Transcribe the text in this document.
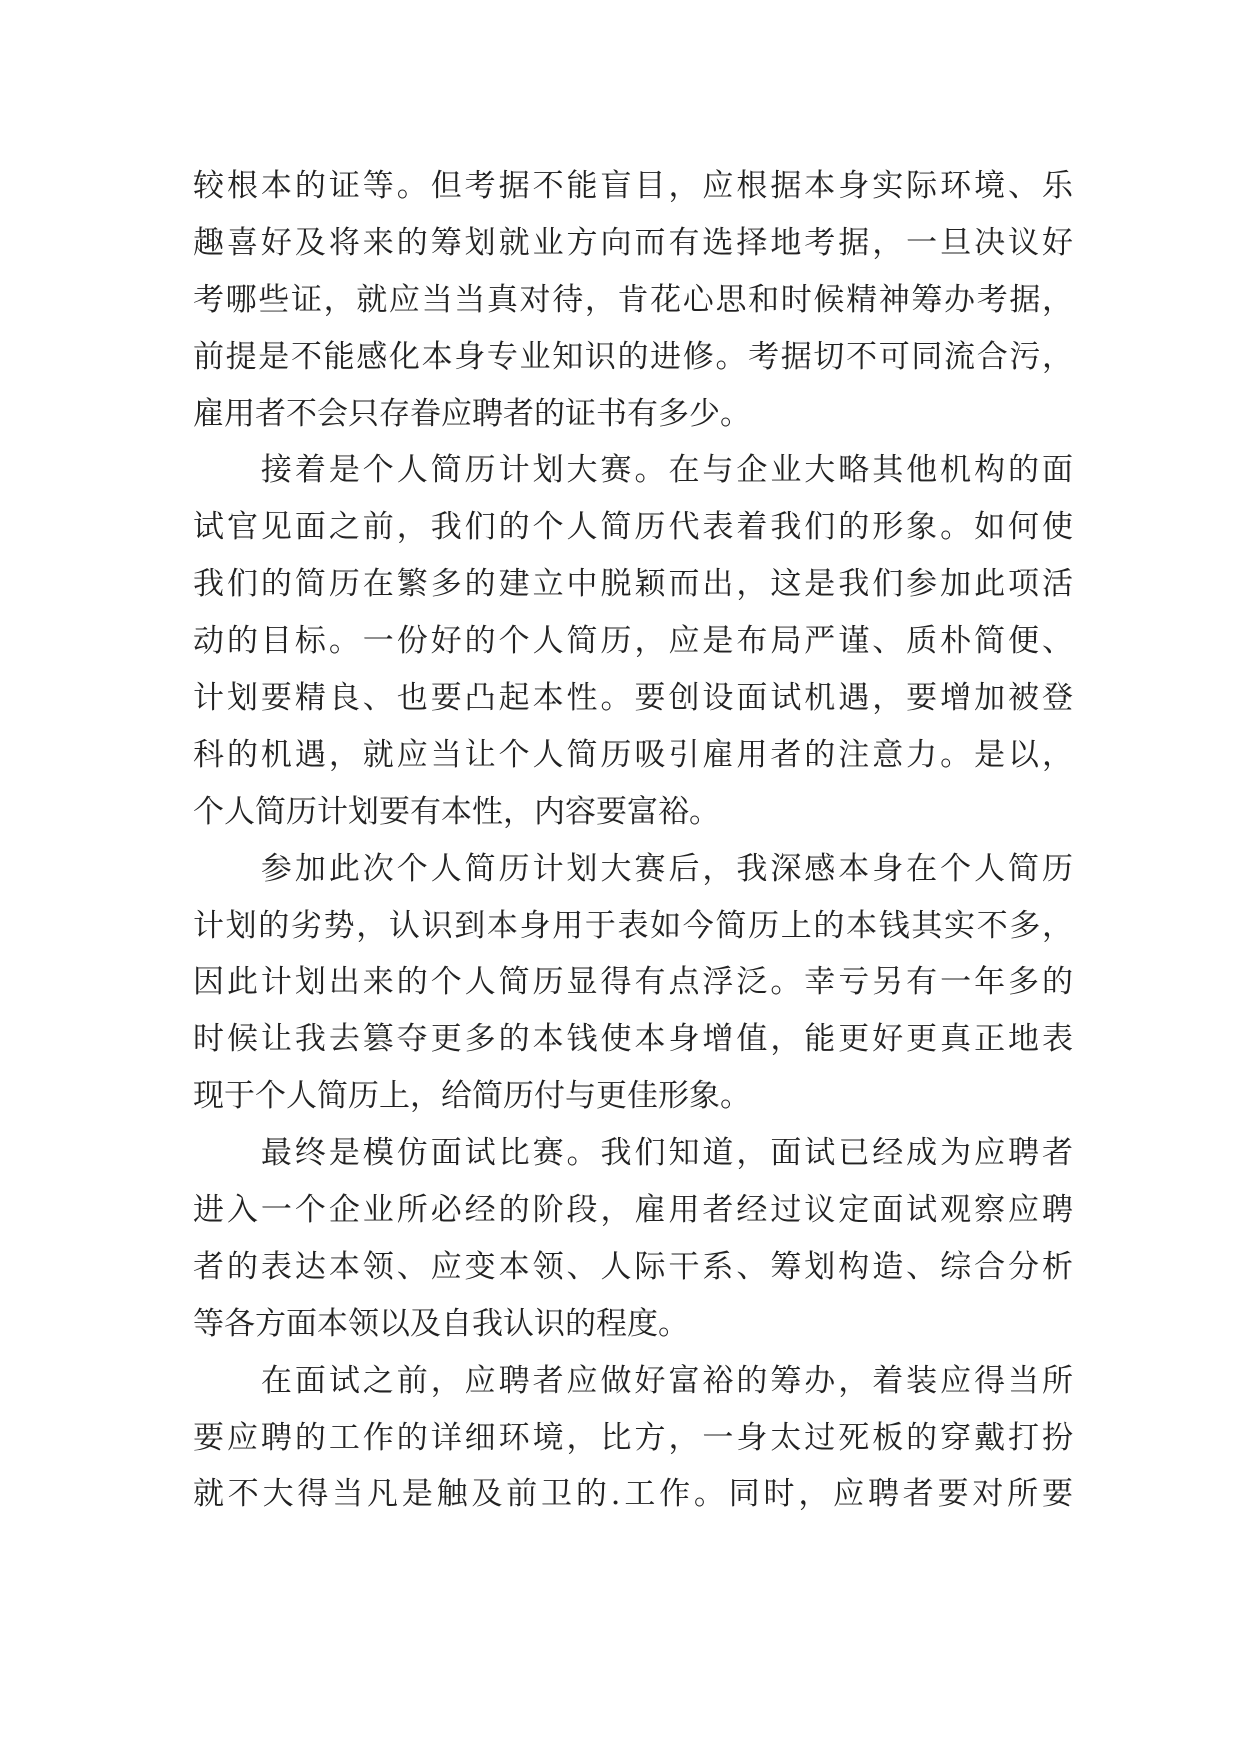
较根本的证等。但考据不能盲目，应根据本身实际环境、乐
趣喜好及将来的筹划就业方向而有选择地考据，一旦决议好
考哪些证，就应当当真对待，肯花心思和时候精神筹办考据，
前提是不能感化本身专业知识的进修。考据切不可同流合污，
雇用者不会只存眷应聘者的证书有多少。
　　接着是个人简历计划大赛。在与企业大略其他机构的面
试官见面之前，我们的个人简历代表着我们的形象。如何使
我们的简历在繁多的建立中脱颖而出，这是我们参加此项活
动的目标。一份好的个人简历，应是布局严谨、质朴简便、
计划要精良、也要凸起本性。要创设面试机遇，要增加被登
科的机遇，就应当让个人简历吸引雇用者的注意力。是以，
个人简历计划要有本性，内容要富裕。
　　参加此次个人简历计划大赛后，我深感本身在个人简历
计划的劣势，认识到本身用于表如今简历上的本钱其实不多，
因此计划出来的个人简历显得有点浮泛。幸亏另有一年多的
时候让我去篡夺更多的本钱使本身增值，能更好更真正地表
现于个人简历上，给简历付与更佳形象。
　　最终是模仿面试比赛。我们知道，面试已经成为应聘者
进入一个企业所必经的阶段，雇用者经过议定面试观察应聘
者的表达本领、应变本领、人际干系、筹划构造、综合分析
等各方面本领以及自我认识的程度。
　　在面试之前，应聘者应做好富裕的筹办，着装应得当所
要应聘的工作的详细环境，比方，一身太过死板的穿戴打扮
就不大得当凡是触及前卫的.工作。同时，应聘者要对所要
